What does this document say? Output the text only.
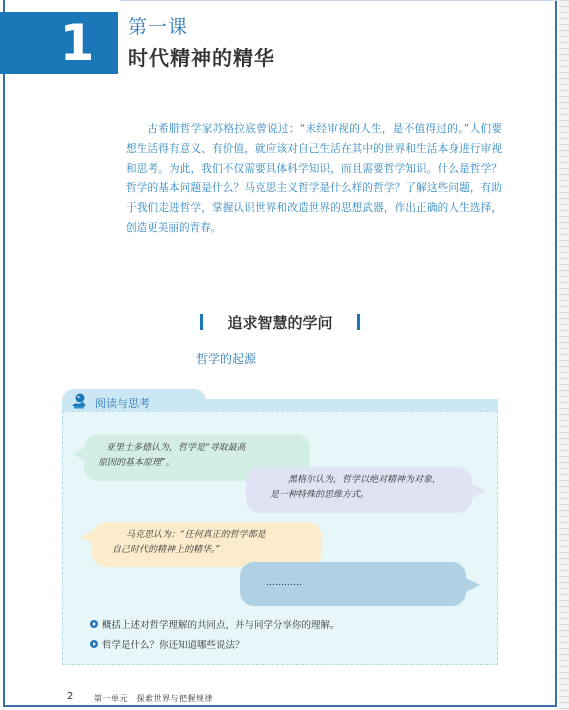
1	第一课
时代精神的精华
古希腊哲学家苏格拉底曾说过：“未经审视的人生，是不值得过的。”人们要想生活得有意义、有价值，就应该对自己生活在其中的世界和生活本身进行审视和思考。为此，我们不仅需要具体科学知识，而且需要哲学知识。什么是哲学？哲学的基本问题是什么？马克思主义哲学是什么样的哲学？了解这些问题，有助于我们走进哲学，掌握认识世界和改造世界的思想武器，作出正确的人生选择，创造更美丽的青春。
追求智慧的学问
哲学的起源
阅读与思考
亚里士多德认为，哲学是“寻取最高
原因的基本原理”。
黑格尔认为，哲学以绝对精神为对象，
是一种特殊的思维方式。
马克思认为：“任何真正的哲学都是
自己时代的精神上的精华。”
…………
概括上述对哲学理解的共同点，并与同学分享你的理解。
哲学是什么？你还知道哪些说法？
2	第一单元　探索世界与把握规律
